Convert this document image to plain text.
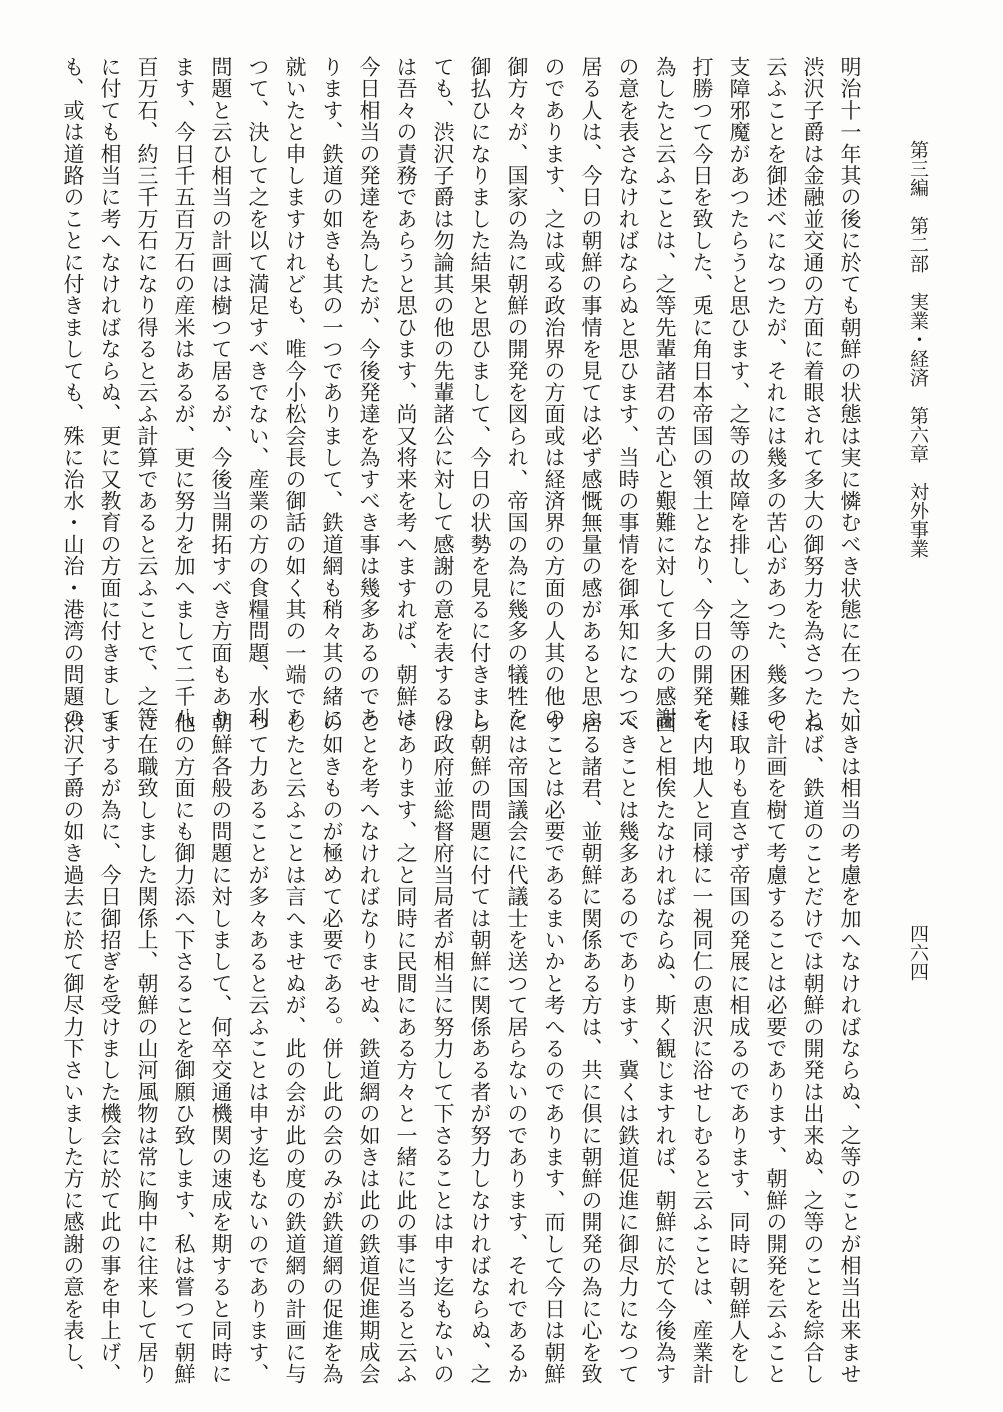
第三編　第二部　実業・経済　第六章　対外事業
四六四
明治十一年其の後に於ても朝鮮の状態は実に憐むべき状態に在つた、
渋沢子爵は金融並交通の方面に着眼されて多大の御努力を為さつたと
云ふことを御述べになつたが、それには幾多の苦心があつた、幾多の
支障邪魔があつたらうと思ひます、之等の故障を排し、之等の困難に
打勝つて今日を致した、兎に角日本帝国の領土となり、今日の開発を
為したと云ふことは、之等先輩諸君の苦心と艱難に対して多大の感謝
の意を表さなければならぬと思ひます、当時の事情を御承知になつて
居る人は、今日の朝鮮の事情を見ては必ず感慨無量の感があると思ふ
のであります、之は或る政治界の方面或は経済界の方面の人其の他の
御方々が、国家の為に朝鮮の開発を図られ、帝国の為に幾多の犠牲を
御払ひになりました結果と思ひまして、今日の状勢を見るに付きまし
ても、渋沢子爵は勿論其の他の先輩諸公に対して感謝の意を表するの
は吾々の責務であらうと思ひます、尚又将来を考へますれば、朝鮮は
今日相当の発達を為したが、今後発達を為すべき事は幾多あるのであ
ります、鉄道の如きも其の一つでありまして、鉄道網も稍々其の緒に
就いたと申しますけれども、唯今小松会長の御話の如く其の一端であ
つて、決して之を以て満足すべきでない、産業の方の食糧問題、水利
問題と云ひ相当の計画は樹つて居るが、今後当開拓すべき方面もあり
ます、今日千五百万石の産米はあるが、更に努力を加へまして二千八
百万石、約三千万石になり得ると云ふ計算であると云ふことで、之等
に付ても相当に考へなければならぬ、更に又教育の方面に付きまして
も、或は道路のことに付きましても、殊に治水・山治・港湾の問題の
如きは相当の考慮を加へなければならぬ、之等のことが相当出来ませ
ねば、鉄道のことだけでは朝鮮の開発は出来ぬ、之等のことを綜合し
て計画を樹て考慮することは必要であります、朝鮮の開発を云ふこと
は取りも直さず帝国の発展に相成るのであります、同時に朝鮮人をし
て内地人と同様に一視同仁の恵沢に浴せしむると云ふことは、産業計
画と相俟たなければならぬ、斯く観じますれば、朝鮮に於て今後為す
べきことは幾多あるのであります、冀くは鉄道促進に御尽力になつて
居る諸君、並朝鮮に関係ある方は、共に倶に朝鮮の開発の為に心を致
すことは必要であるまいかと考へるのであります、而して今日は朝鮮
には帝国議会に代議士を送つて居らないのであります、それであるか
ら朝鮮の問題に付ては朝鮮に関係ある者が努力しなければならぬ、之
は政府並総督府当局者が相当に努力して下さることは申す迄もないの
であります、之と同時に民間にある方々と一緒に此の事に当ると云ふ
ことを考へなければなりませぬ、鉄道網の如きは此の鉄道促進期成会
の如きものが極めて必要である。併し此の会のみが鉄道網の促進を為
したと云ふことは言へませぬが、此の会が此の度の鉄道網の計画に与
つて力あることが多々あると云ふことは申す迄もないのであります、
朝鮮各般の問題に対しまして、何卒交通機関の速成を期すると同時に
他の方面にも御力添へ下さることを御願ひ致します、私は嘗つて朝鮮
に在職致しました関係上、朝鮮の山河風物は常に胸中に往来して居り
まするが為に、今日御招ぎを受けました機会に於て此の事を申上げ、
渋沢子爵の如き過去に於て御尽力下さいました方に感謝の意を表し、
